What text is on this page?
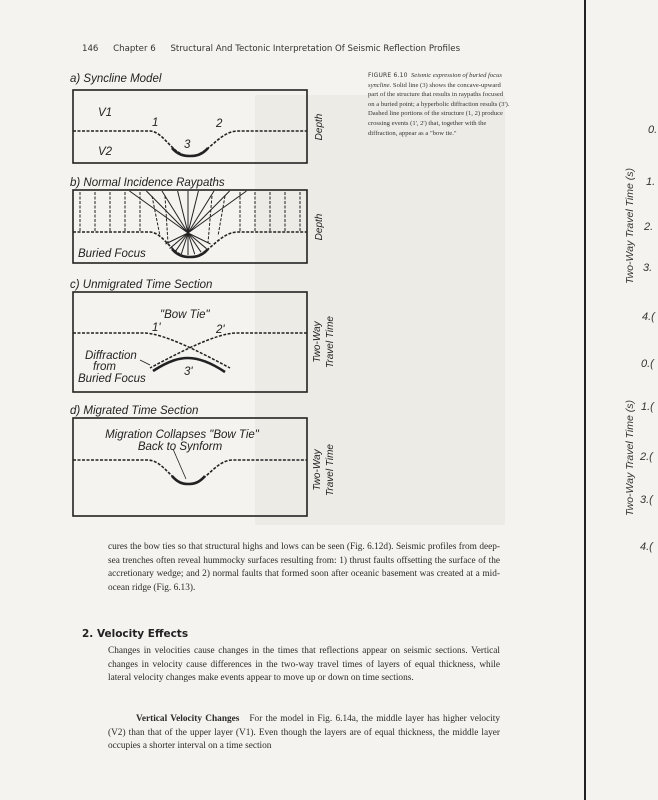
146 Chapter 6 Structural And Tectonic Interpretation Of Seismic Reflection Profiles
a) Syncline Model
V1
V2
1	2
3
Depth
b) Normal Incidence Raypaths
Buried Focus
Depth
c) Unmigrated Time Section
"Bow Tie"
1'	2'
3'
Diffraction
from
Buried Focus
Two-Way Travel Time
d) Migrated Time Section
Migration Collapses "Bow Tie"
Back to Synform
Two-Way Travel Time
FIGURE 6.10 Seismic expression of buried focus syncline. Solid line (3) shows the concave-upward part of the structure that results in raypaths focused on a buried point; a hyperbolic diffraction results (3'). Dashed line portions of the structure (1, 2) produce crossing events (1', 2') that, together with the diffraction, appear as a "bow tie."
cures the bow ties so that structural highs and lows can be seen (Fig. 6.12d). Seismic profiles from deep-sea trenches often reveal hummocky surfaces resulting from: 1) thrust faults offsetting the surface of the accretionary wedge; and 2) normal faults that formed soon after oceanic basement was created at a mid-ocean ridge (Fig. 6.13).
2. Velocity Effects
Changes in velocities cause changes in the times that reflections appear on seismic sections. Vertical changes in velocity cause differences in the two-way travel times of layers of equal thickness, while lateral velocity changes make events appear to move up or down on time sections.
Vertical Velocity Changes For the model in Fig. 6.14a, the middle layer has higher velocity (V2) than that of the upper layer (V1). Even though the layers are of equal thickness, the middle layer occupies a shorter interval on a time section
Two-Way Travel Time (s)
Two-Way Travel Time (s)
0.
1.
2.
3.
4.(
0.(
1.(
2.(
3.(
4.(
